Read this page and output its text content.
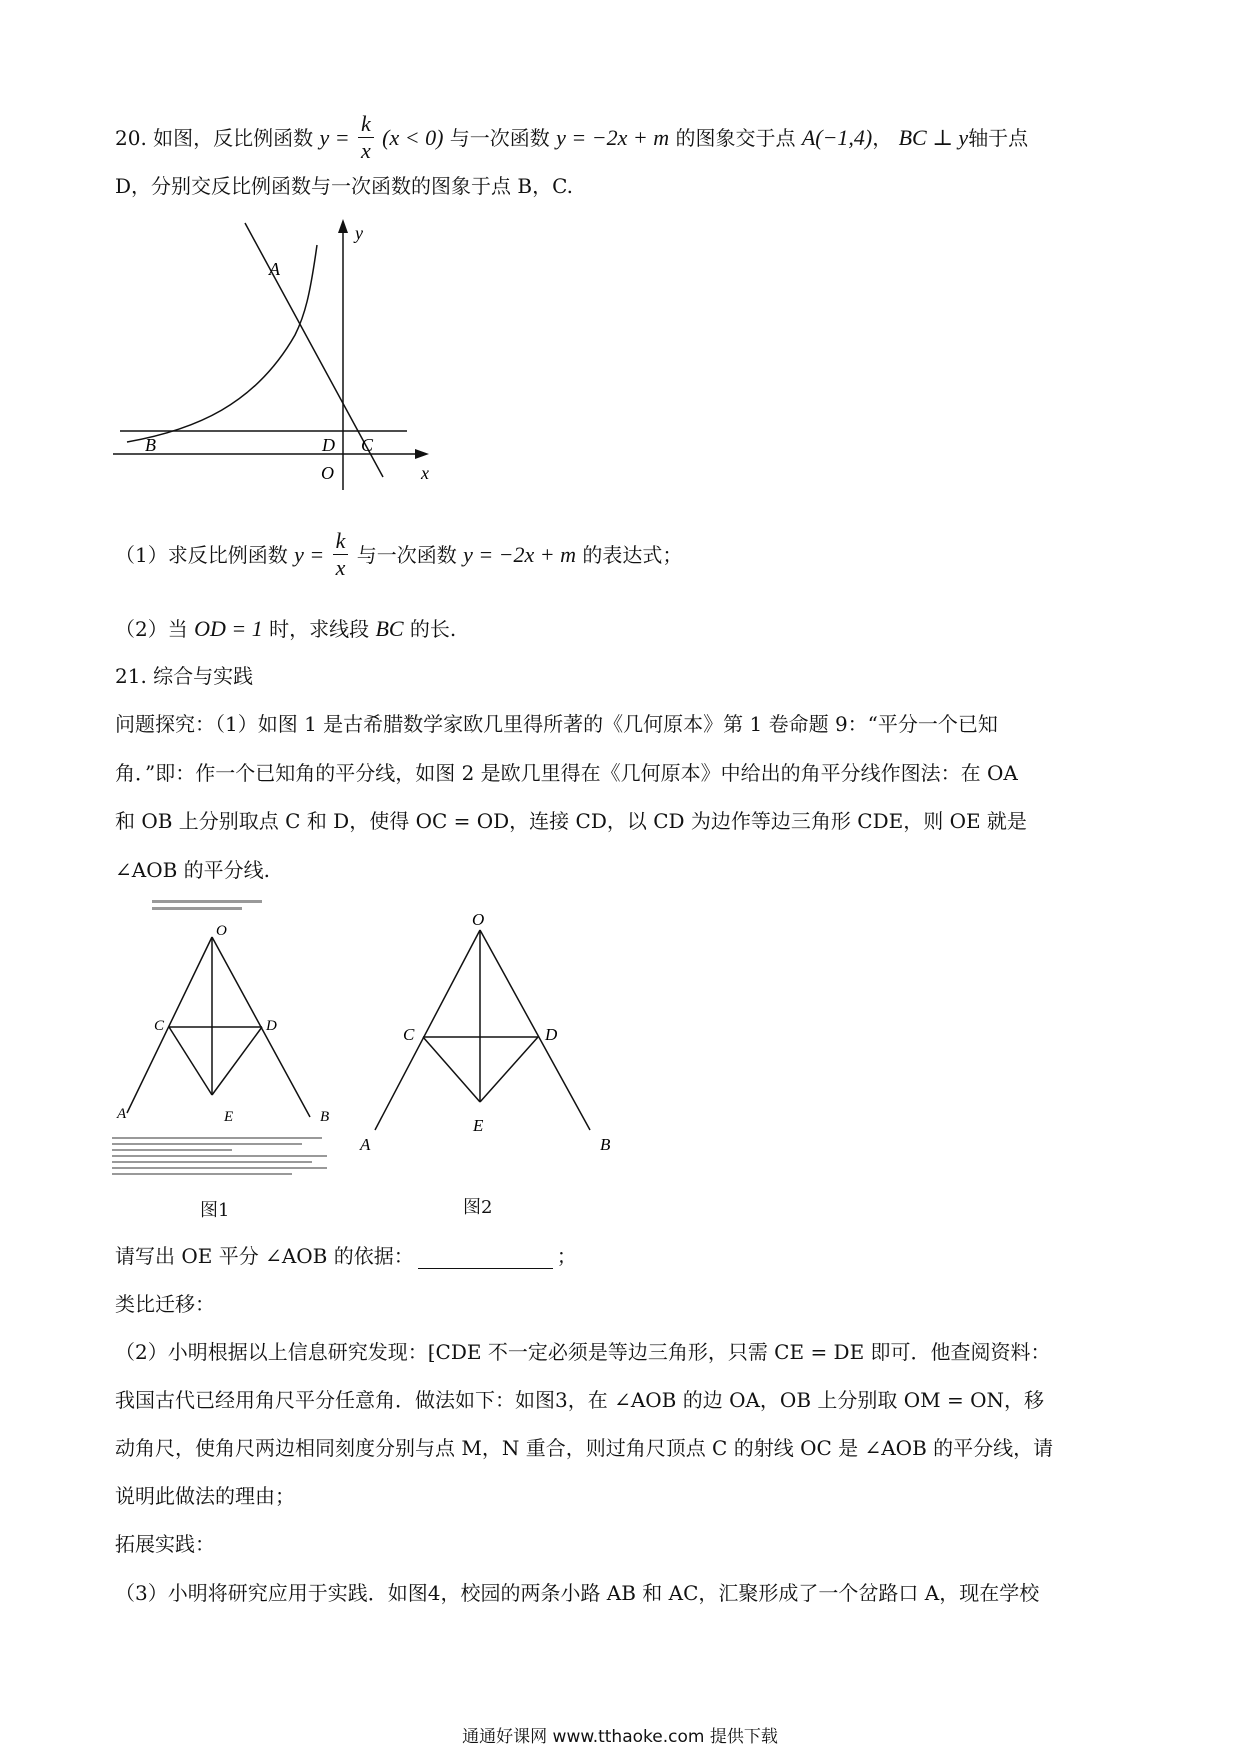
20. 如图，反比例函数 $y = \frac{k}{x} (x < 0)$ 与一次函数 y = −2x + m 的图象交于点 A(−1,4)， BC ⊥ y轴于点
D，分别交反比例函数与一次函数的图象于点 B，C.
y
A
B	D C
O	x
（1）求反比例函数 $y = \frac{k}{x}$ 与一次函数 y = −2x + m 的表达式；
（2）当 OD = 1 时，求线段 BC 的长.
21. 综合与实践
问题探究：（1）如图 1 是古希腊数学家欧几里得所著的《几何原本》第 1 卷命题 9：“平分一个已知
角．”即：作一个已知角的平分线，如图 2 是欧几里得在《几何原本》中给出的角平分线作图法：在 OA
和 OB 上分别取点 C 和 D，使得 OC = OD，连接 CD，以 CD 为边作等边三角形 CDE，则 OE 就是
∠AOB 的平分线.
O
C	D
A	E	B
图1
O
C	D
A
E
B
图2
请写出 OE 平分 ∠AOB 的依据：	；
类比迁移：
（2）小明根据以上信息研究发现：⁅CDE 不一定必须是等边三角形，只需 CE = DE 即可．他查阅资料：
我国古代已经用角尺平分任意角．做法如下：如图3，在 ∠AOB 的边 OA，OB 上分别取 OM = ON，移
动角尺，使角尺两边相同刻度分别与点 M，N 重合，则过角尺顶点 C 的射线 OC 是 ∠AOB 的平分线，请
说明此做法的理由；
拓展实践：
（3）小明将研究应用于实践．如图4，校园的两条小路 AB 和 AC，汇聚形成了一个岔路口 A，现在学校
通通好课网 www.tthaoke.com 提供下载
